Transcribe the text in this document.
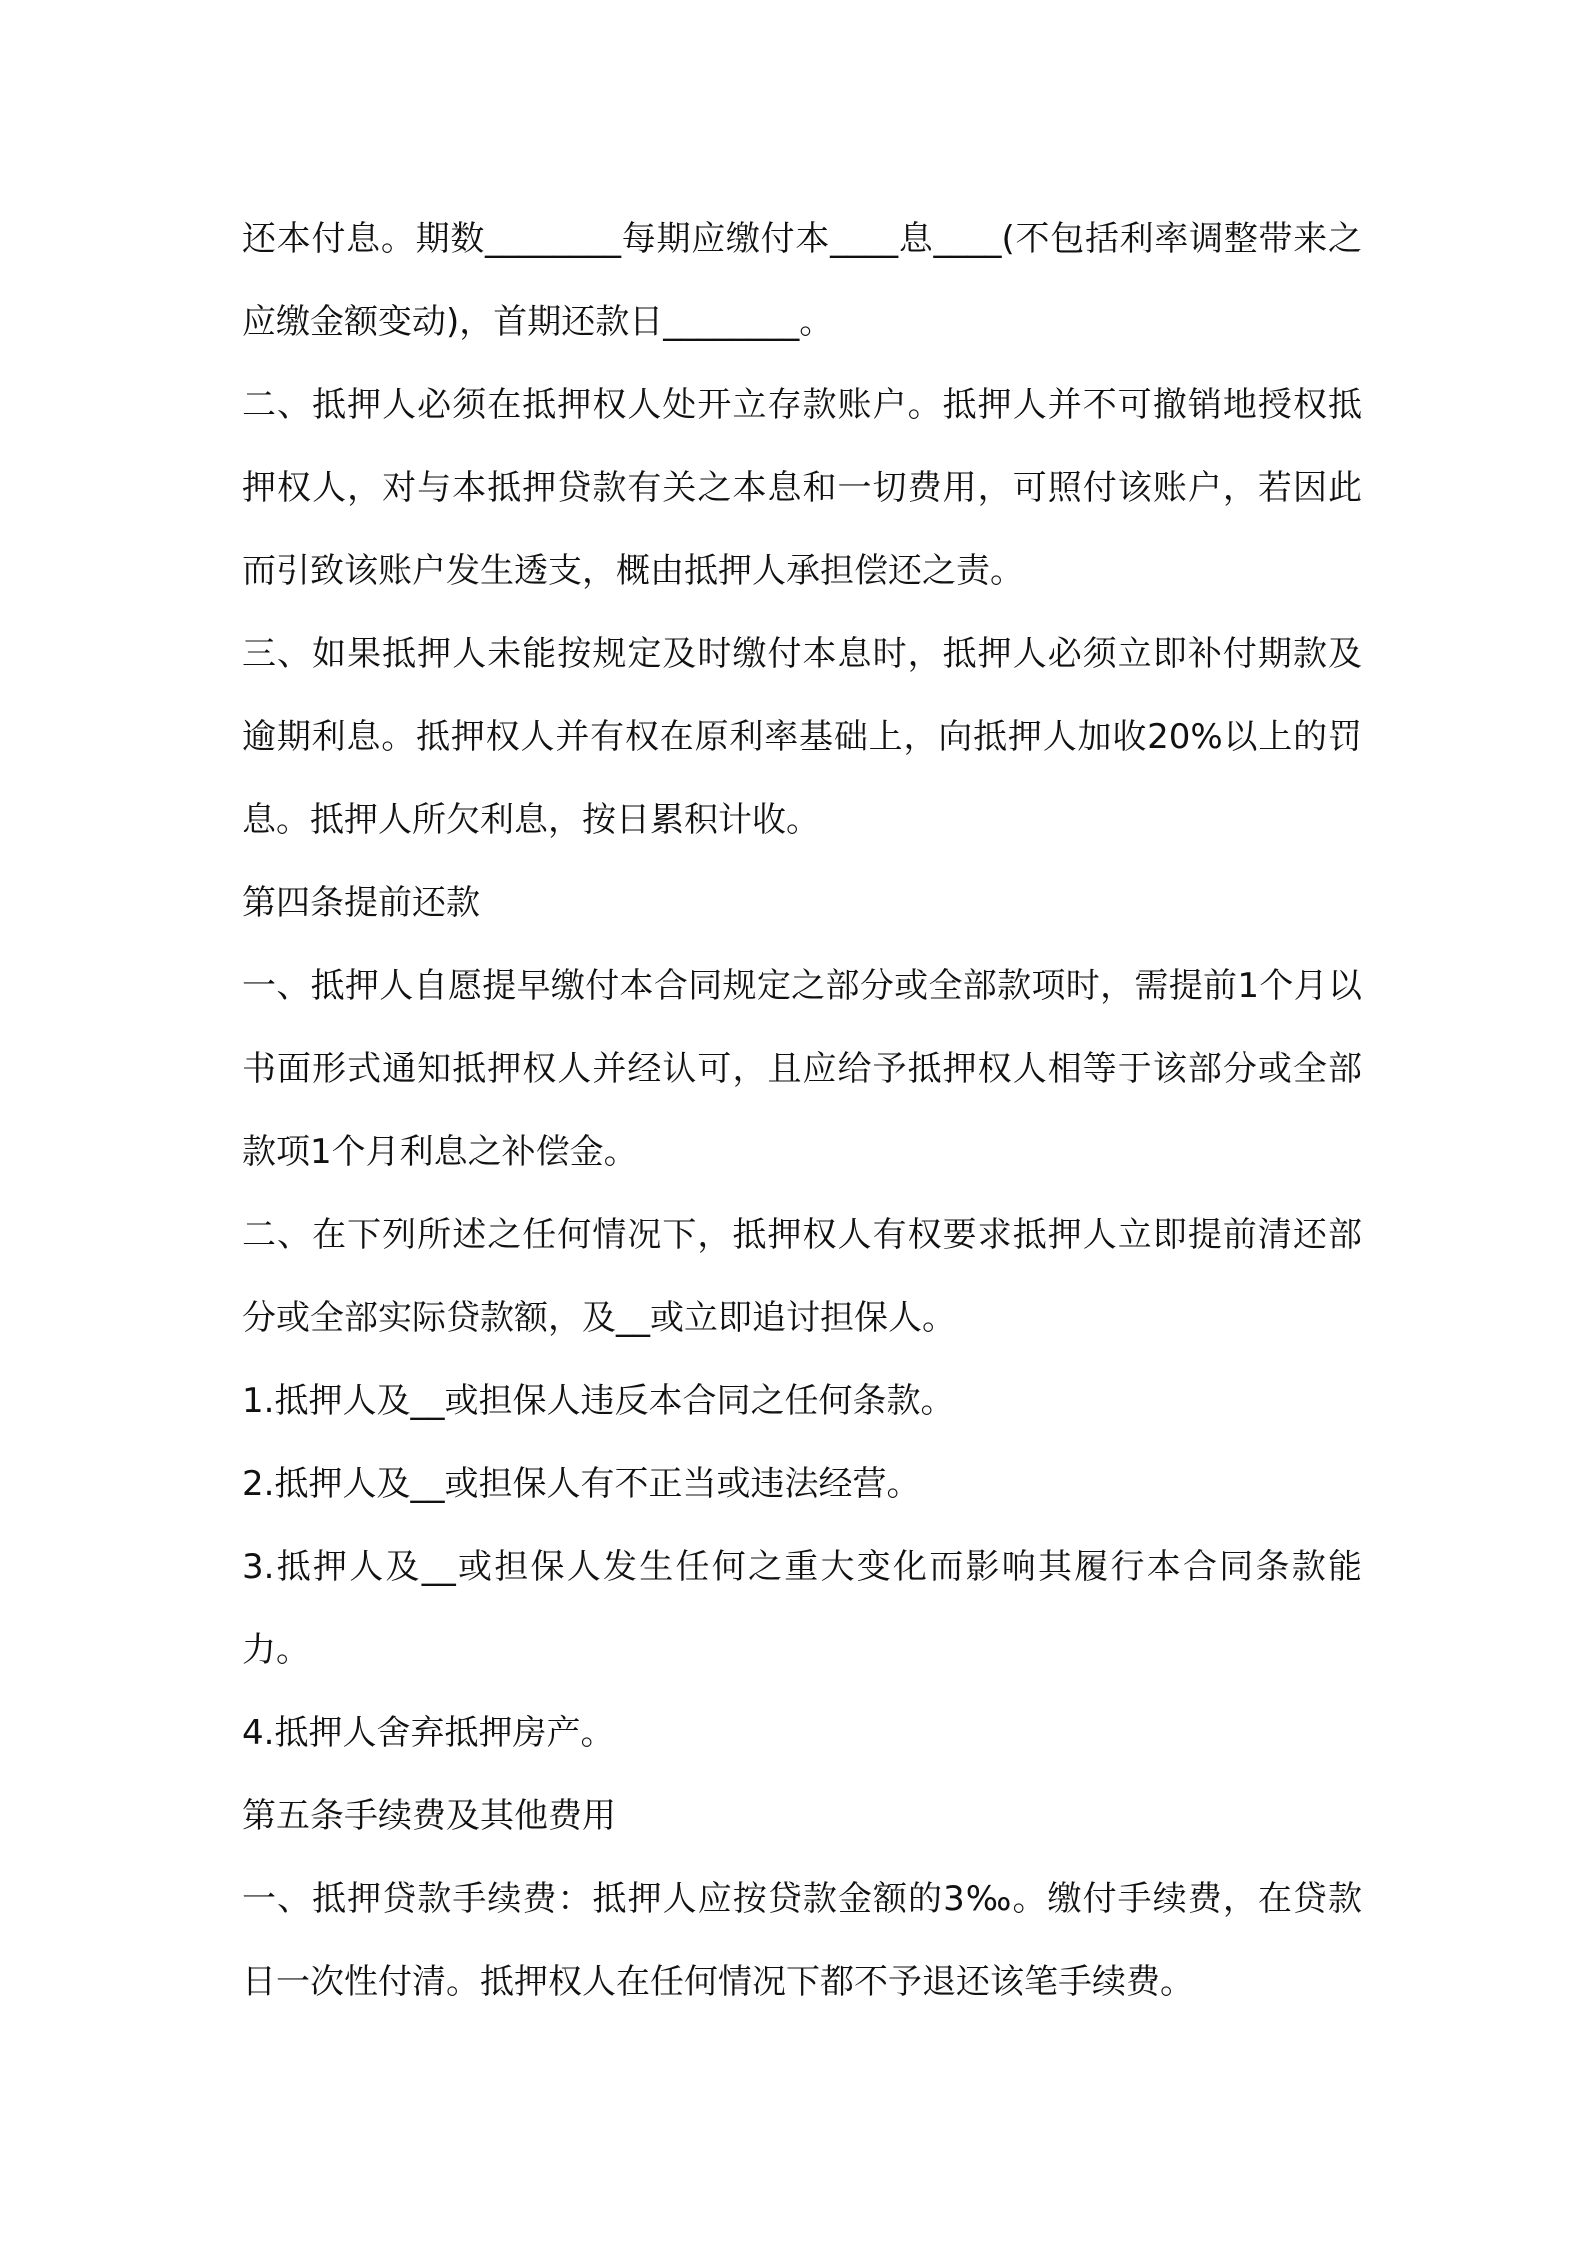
还本付息。期数________每期应缴付本____息____(不包括利率调整带来之应缴金额变动)，首期还款日________。

二、抵押人必须在抵押权人处开立存款账户。抵押人并不可撤销地授权抵押权人，对与本抵押贷款有关之本息和一切费用，可照付该账户，若因此而引致该账户发生透支，概由抵押人承担偿还之责。

三、如果抵押人未能按规定及时缴付本息时，抵押人必须立即补付期款及逾期利息。抵押权人并有权在原利率基础上，向抵押人加收20%以上的罚息。抵押人所欠利息，按日累积计收。

第四条提前还款

一、抵押人自愿提早缴付本合同规定之部分或全部款项时，需提前1个月以书面形式通知抵押权人并经认可，且应给予抵押权人相等于该部分或全部款项1个月利息之补偿金。

二、在下列所述之任何情况下，抵押权人有权要求抵押人立即提前清还部分或全部实际贷款额，及__或立即追讨担保人。

1.抵押人及__或担保人违反本合同之任何条款。

2.抵押人及__或担保人有不正当或违法经营。

3.抵押人及__或担保人发生任何之重大变化而影响其履行本合同条款能力。

4.抵押人舍弃抵押房产。

第五条手续费及其他费用

一、抵押贷款手续费：抵押人应按贷款金额的3‰。缴付手续费，在贷款日一次性付清。抵押权人在任何情况下都不予退还该笔手续费。
